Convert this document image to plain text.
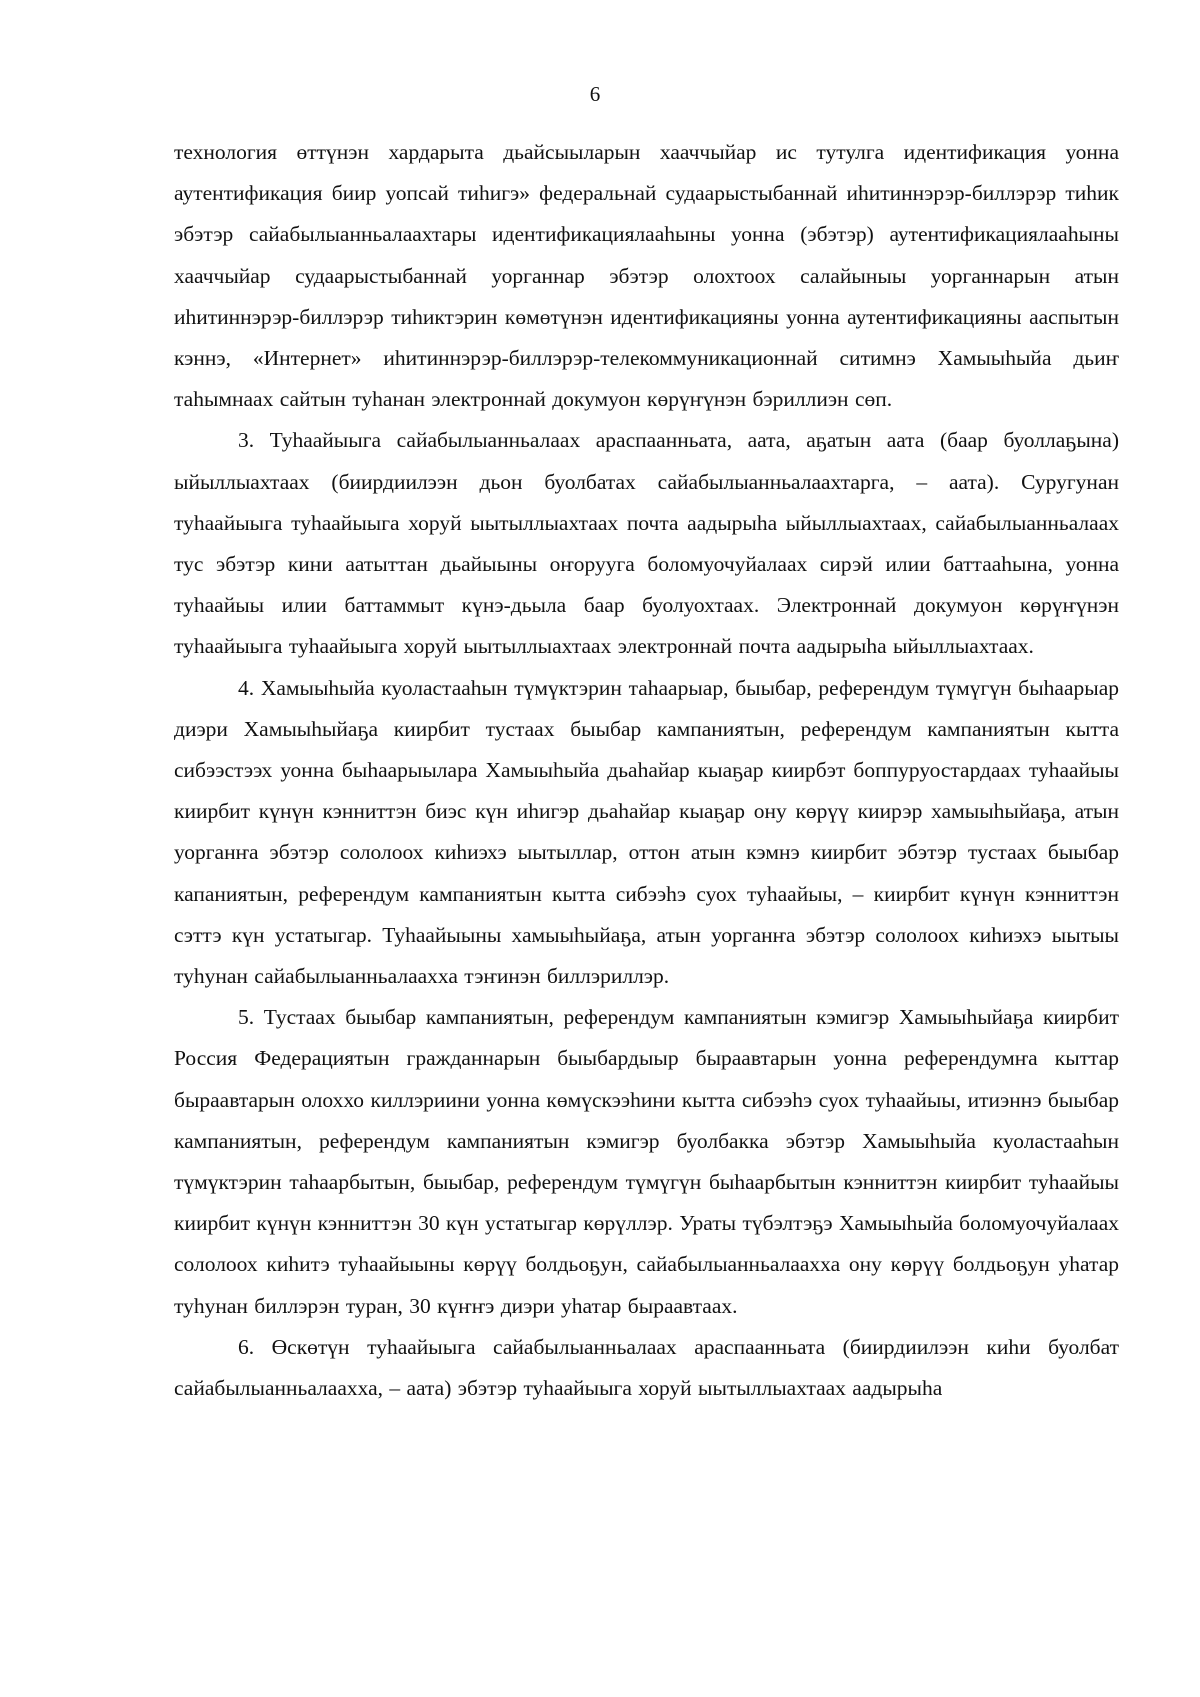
6

технология өттүнэн хардарыта дьайсыыларын хааччыйар ис тутулга идентификация уонна аутентификация биир уопсай тиһигэ» федеральнай судаарыстыбаннай иһитиннэрэр-биллэрэр тиһик эбэтэр сайабылыанньалаахтары идентификациялааһыны уонна (эбэтэр) аутентификациялааһыны хааччыйар судаарыстыбаннай уорганнар эбэтэр олохтоох салайыныы уорганнарын атын иһитиннэрэр-биллэрэр тиһиктэрин көмөтүнэн идентификацияны уонна аутентификацияны ааспытын кэннэ, «Интернет» иһитиннэрэр-биллэрэр-телекоммуникационнай ситимнэ Хамыыһыйа дьиҥ таһымнаах сайтын туһанан электроннай докумуон көрүҥүнэн бэриллиэн сөп.

3. Туһаайыыга сайабылыанньалаах араспаанньата, аата, аҕатын аата (баар буоллаҕына) ыйыллыахтаах (биирдиилээн дьон буолбатах сайабылыанньалаахтарга, – аата). Суругунан туһаайыыга туһаайыыга хоруй ыытыллыахтаах почта аадырыһа ыйыллыахтаах, сайабылыанньалаах тус эбэтэр кини аатыттан дьайыыны оҥорууга боломуочуйалаах сирэй илии баттааһына, уонна туһаайыы илии баттаммыт күнэ-дьыла баар буолуохтаах. Электроннай докумуон көрүҥүнэн туһаайыыга туһаайыыга хоруй ыытыллыахтаах электроннай почта аадырыһа ыйыллыахтаах.

4. Хамыыһыйа куоластааһын түмүктэрин таһаарыар, быыбар, референдум түмүгүн быһаарыар диэри Хамыыһыйаҕа киирбит тустаах быыбар кампаниятын, референдум кампаниятын кытта сибээстээх уонна быһаарыылара Хамыыһыйа дьаһайар кыаҕар киирбэт боппуруостардаах туһаайыы киирбит күнүн кэнниттэн биэс күн иһигэр дьаһайар кыаҕар ону көрүү киирэр хамыыһыйаҕа, атын уорганҥа эбэтэр сололоох киһиэхэ ыытыллар, оттон атын кэмнэ киирбит эбэтэр тустаах быыбар капаниятын, референдум кампаниятын кытта сибээһэ суох туһаайыы, – киирбит күнүн кэнниттэн сэттэ күн устатыгар. Туһаайыыны хамыыһыйаҕа, атын уорганҥа эбэтэр сололоох киһиэхэ ыытыы туһунан сайабылыанньалаахха тэҥинэн биллэриллэр.

5. Тустаах быыбар кампаниятын, референдум кампаниятын кэмигэр Хамыыһыйаҕа киирбит Россия Федерациятын гражданнарын быыбардыыр быраавтарын уонна референдумҥа кыттар быраавтарын олоххо киллэриини уонна көмүскээһини кытта сибээһэ суох туһаайыы, итиэннэ быыбар кампаниятын, референдум кампаниятын кэмигэр буолбакка эбэтэр Хамыыһыйа куоластааһын түмүктэрин таһаарбытын, быыбар, референдум түмүгүн быһаарбытын кэнниттэн киирбит туһаайыы киирбит күнүн кэнниттэн 30 күн устатыгар көрүллэр. Ураты түбэлтэҕэ Хамыыһыйа боломуочуйалаах сололоох киһитэ туһаайыыны көрүү болдьоҕун, сайабылыанньалаахха ону көрүү болдьоҕун уһатар туһунан биллэрэн туран, 30 күҥҥэ диэри уһатар быраавтаах.

6. Өскөтүн туһаайыыга сайабылыанньалаах араспаанньата (биирдиилээн киһи буолбат сайабылыанньалаахха, – аата) эбэтэр туһаайыыга хоруй ыытыллыахтаах аадырыһа
